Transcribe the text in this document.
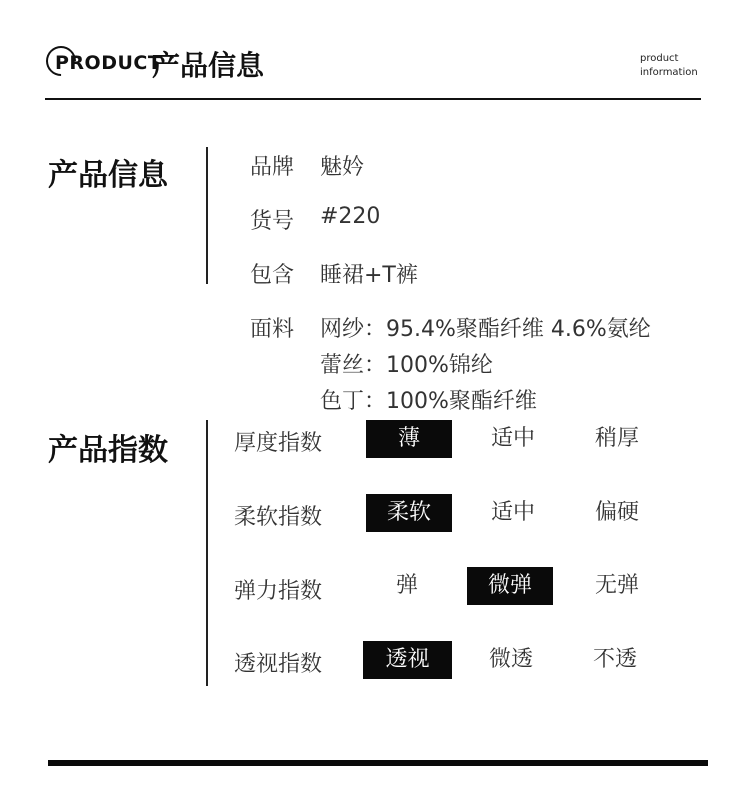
PRODUCT
产品信息	product
information
产品信息	品牌 魅妗
货号 #220
包含 睡裙+T裤
面料 网纱：95.4%聚酯纤维 4.6%氨纶
蕾丝：100%锦纶
色丁：100%聚酯纤维
产品指数	厚度指数	薄	适中	稍厚
柔软指数	柔软	适中	偏硬
弹力指数	弹	微弹	无弹
透视指数	透视	微透	不透
